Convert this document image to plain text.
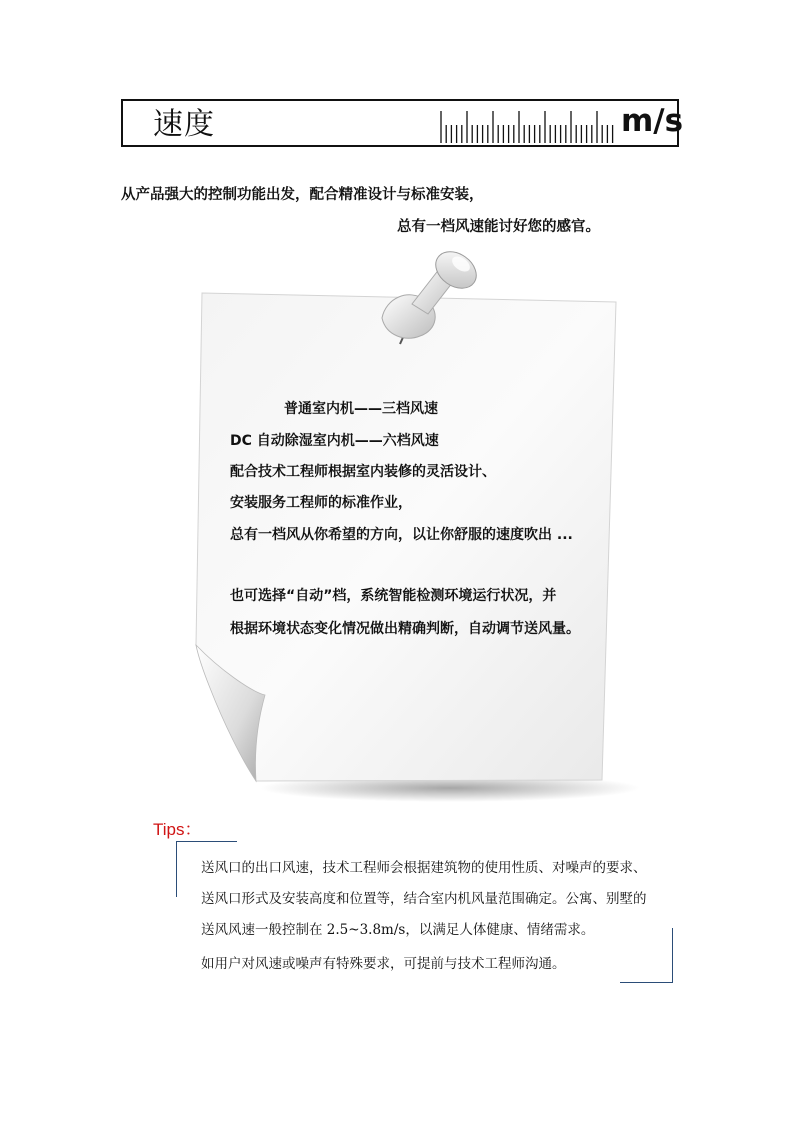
速度	m/s
从产品强大的控制功能出发，配合精准设计与标准安装，
总有一档风速能讨好您的感官。
普通室内机——三档风速
DC 自动除湿室内机——六档风速
配合技术工程师根据室内装修的灵活设计、
安装服务工程师的标准作业，
总有一档风从你希望的方向，以让你舒服的速度吹出 ...
也可选择“自动”档，系统智能检测环境运行状况，并
根据环境状态变化情况做出精确判断，自动调节送风量。
Tips：
送风口的出口风速，技术工程师会根据建筑物的使用性质、对噪声的要求、
送风口形式及安装高度和位置等，结合室内机风量范围确定。公寓、别墅的
送风风速一般控制在 2.5~3.8m/s，以满足人体健康、情绪需求。
如用户对风速或噪声有特殊要求，可提前与技术工程师沟通。
